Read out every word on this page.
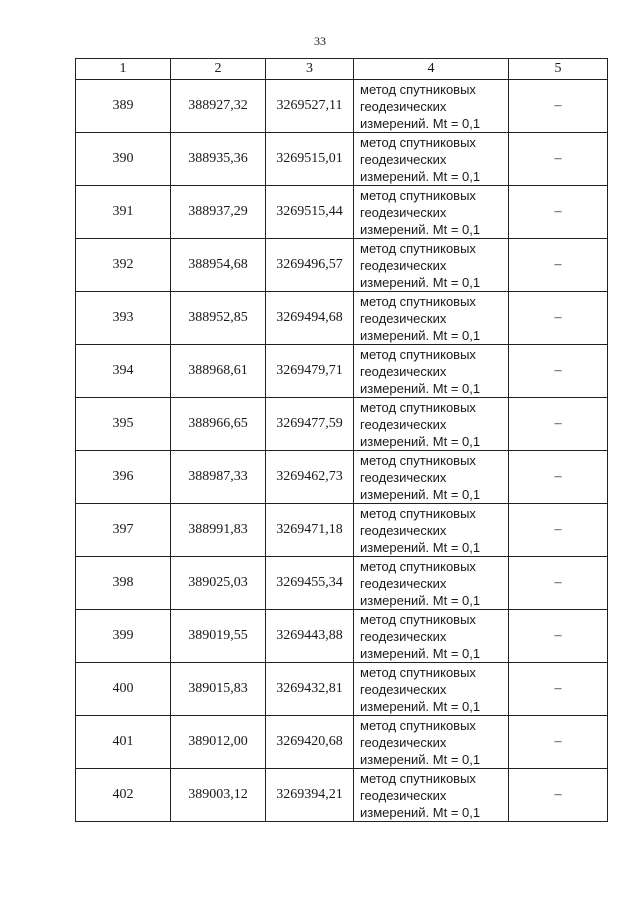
33
1	2	3	4	5
389	388927,32	3269527,11	метод спутниковых геодезических измерений. Mt = 0,1	–
390	388935,36	3269515,01	метод спутниковых геодезических измерений. Mt = 0,1	–
391	388937,29	3269515,44	метод спутниковых геодезических измерений. Mt = 0,1	–
392	388954,68	3269496,57	метод спутниковых геодезических измерений. Mt = 0,1	–
393	388952,85	3269494,68	метод спутниковых геодезических измерений. Mt = 0,1	–
394	388968,61	3269479,71	метод спутниковых геодезических измерений. Mt = 0,1	–
395	388966,65	3269477,59	метод спутниковых геодезических измерений. Mt = 0,1	–
396	388987,33	3269462,73	метод спутниковых геодезических измерений. Mt = 0,1	–
397	388991,83	3269471,18	метод спутниковых геодезических измерений. Mt = 0,1	–
398	389025,03	3269455,34	метод спутниковых геодезических измерений. Mt = 0,1	–
399	389019,55	3269443,88	метод спутниковых геодезических измерений. Mt = 0,1	–
400	389015,83	3269432,81	метод спутниковых геодезических измерений. Mt = 0,1	–
401	389012,00	3269420,68	метод спутниковых геодезических измерений. Mt = 0,1	–
402	389003,12	3269394,21	метод спутниковых геодезических измерений. Mt = 0,1	–
